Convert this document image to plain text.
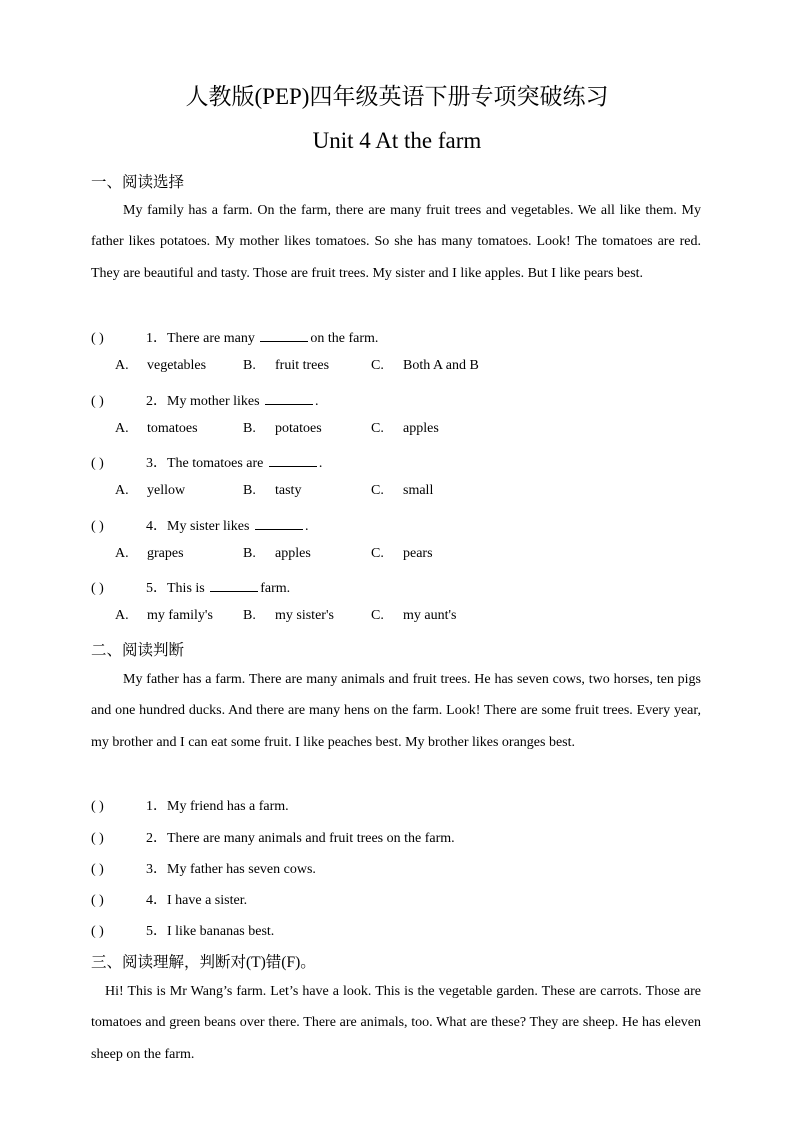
人教版(PEP)四年级英语下册专项突破练习
Unit 4 At the farm
一、阅读选择

My family has a farm. On the farm, there are many fruit trees and vegetables. We all like them. My father likes potatoes. My mother likes tomatoes. So she has many tomatoes. Look! The tomatoes are red. They are beautiful and tasty. Those are fruit trees. My sister and I like apples. But I like pears best.

( )	1．There are many	on the farm.
A. vegetables	B. fruit trees	C. Both A and B
( )	2．My mother likes	.
A. tomatoes	B. potatoes	C. apples
( )	3．The tomatoes are	.
A. yellow	B. tasty	C. small
( )	4．My sister likes	.
A. grapes	B. apples	C. pears
( )	5．This is	farm.
A. my family's B. my sister's	C. my aunt's
二、阅读判断

My father has a farm. There are many animals and fruit trees. He has seven cows, two horses, ten pigs and one hundred ducks. And there are many hens on the farm. Look! There are some fruit trees. Every year, my brother and I can eat some fruit. I like peaches best. My brother likes oranges best.

( )	1．My friend has a farm.
( )	2．There are many animals and fruit trees on the farm.
( )	3．My father has seven cows.
( )	4．I have a sister.
( )	5．I like bananas best.
三、阅读理解，判断对(T)错(F)。

Hi! This is Mr Wang’s farm. Let’s have a look. This is the vegetable garden. These are carrots. Those are tomatoes and green beans over there. There are animals, too. What are these? They are sheep. He has eleven sheep on the farm.
